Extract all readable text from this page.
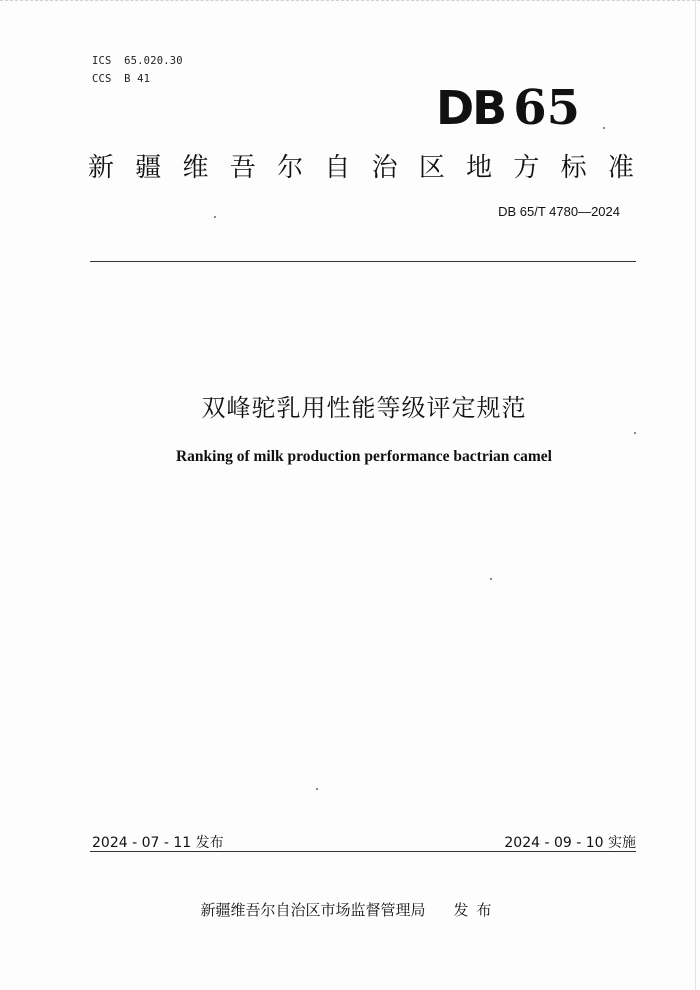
ICS 65.020.30
CCS B 41
DB 65
新 疆 维 吾 尔 自 治 区 地 方 标 准
DB 65/T 4780—2024
双峰驼乳用性能等级评定规范
Ranking of milk production performance bactrian camel
2024 - 07 - 11 发布	2024 - 09 - 10 实施
新疆维吾尔自治区市场监督管理局 发布
